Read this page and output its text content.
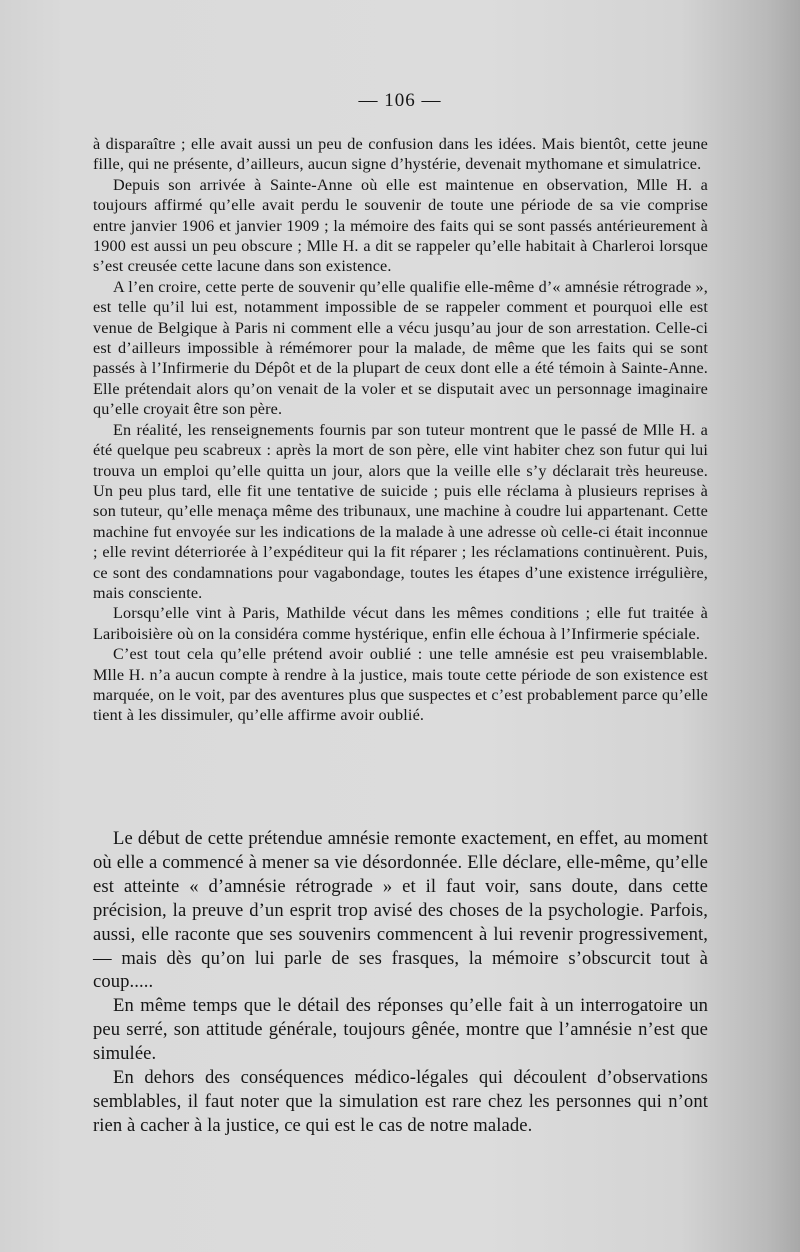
— 106 —

à disparaître ; elle avait aussi un peu de confusion dans les idées. Mais bientôt, cette jeune fille, qui ne présente, d’ailleurs, aucun signe d’hystérie, devenait mythomane et simulatrice.

Depuis son arrivée à Sainte-Anne où elle est maintenue en observation, Mlle H. a toujours affirmé qu’elle avait perdu le souvenir de toute une période de sa vie comprise entre janvier 1906 et janvier 1909 ; la mémoire des faits qui se sont passés antérieurement à 1900 est aussi un peu obscure ; Mlle H. a dit se rappeler qu’elle habitait à Charleroi lorsque s’est creusée cette lacune dans son existence.

A l’en croire, cette perte de souvenir qu’elle qualifie elle-même d’« amnésie rétrograde », est telle qu’il lui est, notamment impossible de se rappeler comment et pourquoi elle est venue de Belgique à Paris ni comment elle a vécu jusqu’au jour de son arrestation. Celle-ci est d’ailleurs impossible à rémémorer pour la malade, de même que les faits qui se sont passés à l’Infirmerie du Dépôt et de la plupart de ceux dont elle a été témoin à Sainte-Anne. Elle prétendait alors qu’on venait de la voler et se disputait avec un personnage imaginaire qu’elle croyait être son père.

En réalité, les renseignements fournis par son tuteur montrent que le passé de Mlle H. a été quelque peu scabreux : après la mort de son père, elle vint habiter chez son futur qui lui trouva un emploi qu’elle quitta un jour, alors que la veille elle s’y déclarait très heureuse. Un peu plus tard, elle fit une tentative de suicide ; puis elle réclama à plusieurs reprises à son tuteur, qu’elle menaça même des tribunaux, une machine à coudre lui appartenant. Cette machine fut envoyée sur les indications de la malade à une adresse où celle-ci était inconnue ; elle revint déterriorée à l’expéditeur qui la fit réparer ; les réclamations continuèrent. Puis, ce sont des condamnations pour vagabondage, toutes les étapes d’une existence irrégulière, mais consciente.

Lorsqu’elle vint à Paris, Mathilde vécut dans les mêmes conditions ; elle fut traitée à Lariboisière où on la considéra comme hystérique, enfin elle échoua à l’Infirmerie spéciale.

C’est tout cela qu’elle prétend avoir oublié : une telle amnésie est peu vraisemblable. Mlle H. n’a aucun compte à rendre à la justice, mais toute cette période de son existence est marquée, on le voit, par des aventures plus que suspectes et c’est probablement parce qu’elle tient à les dissimuler, qu’elle affirme avoir oublié.

Le début de cette prétendue amnésie remonte exactement, en effet, au moment où elle a commencé à mener sa vie désordonnée. Elle déclare, elle-même, qu’elle est atteinte « d’amnésie rétrograde » et il faut voir, sans doute, dans cette précision, la preuve d’un esprit trop avisé des choses de la psychologie. Parfois, aussi, elle raconte que ses souvenirs commencent à lui revenir progressivement, — mais dès qu’on lui parle de ses frasques, la mémoire s’obscurcit tout à coup.....

En même temps que le détail des réponses qu’elle fait à un interrogatoire un peu serré, son attitude générale, toujours gênée, montre que l’amnésie n’est que simulée.

En dehors des conséquences médico-légales qui découlent d’observations semblables, il faut noter que la simulation est rare chez les personnes qui n’ont rien à cacher à la justice, ce qui est le cas de notre malade.
